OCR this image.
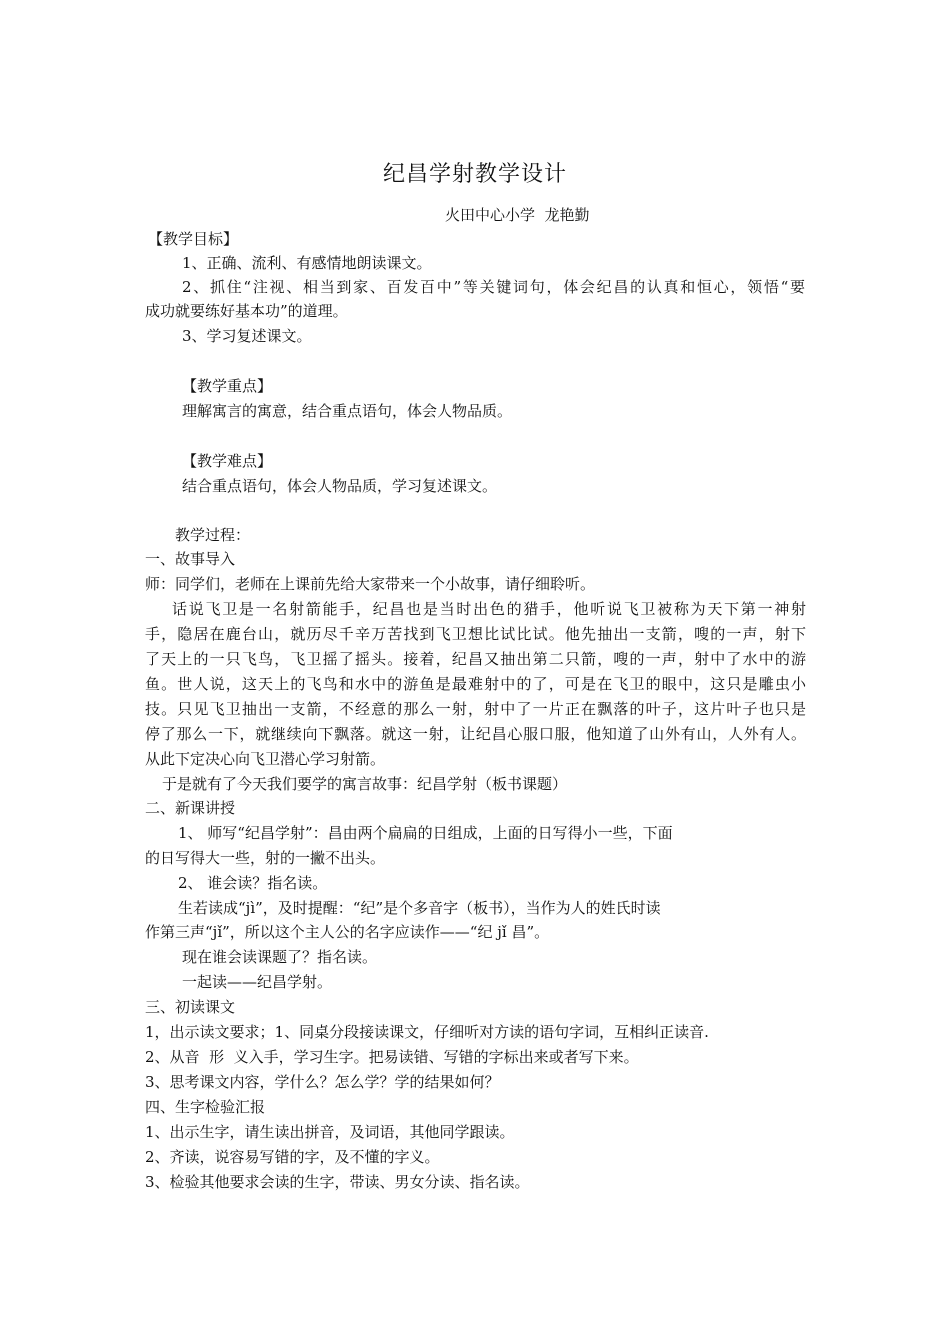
纪昌学射教学设计
火田中心小学  龙艳勤
【教学目标】
1、正确、流利、有感情地朗读课文。
2、抓住“注视、相当到家、百发百中”等关键词句，体会纪昌的认真和恒心，领悟“要
成功就要练好基本功”的道理。
3、学习复述课文。
【教学重点】
理解寓言的寓意，结合重点语句，体会人物品质。
【教学难点】
结合重点语句，体会人物品质，学习复述课文。
教学过程：
一、故事导入
师：同学们，老师在上课前先给大家带来一个小故事，请仔细聆听。
话说飞卫是一名射箭能手，纪昌也是当时出色的猎手，他听说飞卫被称为天下第一神射
手，隐居在鹿台山，就历尽千辛万苦找到飞卫想比试比试。他先抽出一支箭，嗖的一声，射下
了天上的一只飞鸟，飞卫摇了摇头。接着，纪昌又抽出第二只箭，嗖的一声，射中了水中的游
鱼。世人说，这天上的飞鸟和水中的游鱼是最难射中的了，可是在飞卫的眼中，这只是雕虫小
技。只见飞卫抽出一支箭，不经意的那么一射，射中了一片正在飘落的叶子，这片叶子也只是
停了那么一下，就继续向下飘落。就这一射，让纪昌心服口服，他知道了山外有山，人外有人。
从此下定决心向飞卫潜心学习射箭。
于是就有了今天我们要学的寓言故事：纪昌学射（板书课题）
二、新课讲授
1、 师写“纪昌学射”：昌由两个扁扁的日组成，上面的日写得小一些，下面
的日写得大一些，射的一撇不出头。
2、 谁会读？指名读。
生若读成“jì”，及时提醒：“纪”是个多音字（板书），当作为人的姓氏时读
作第三声“jǐ”，所以这个主人公的名字应读作——“纪 jǐ 昌”。
现在谁会读课题了？指名读。
一起读——纪昌学射。
三、初读课文
1，出示读文要求；1、同桌分段接读课文，仔细听对方读的语句字词，互相纠正读音.
2、从音  形  义入手，学习生字。把易读错、写错的字标出来或者写下来。
3、思考课文内容，学什么？怎么学？学的结果如何？
四、生字检验汇报
1、出示生字，请生读出拼音，及词语，其他同学跟读。
2、齐读，说容易写错的字，及不懂的字义。
3、检验其他要求会读的生字，带读、男女分读、指名读。
